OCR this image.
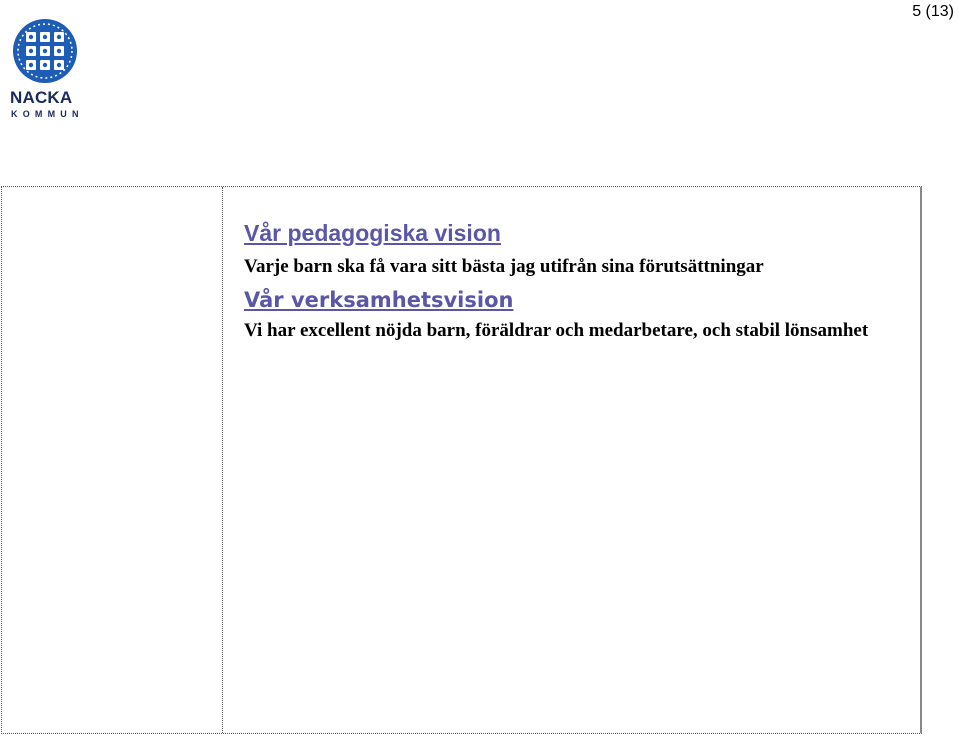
5 (13)
NACKA
KOMMUN

Vår pedagogiska vision

Varje barn ska få vara sitt bästa jag utifrån sina förutsättningar

Vår verksamhetsvision

Vi har excellent nöjda barn, föräldrar och medarbetare, och stabil lönsamhet
